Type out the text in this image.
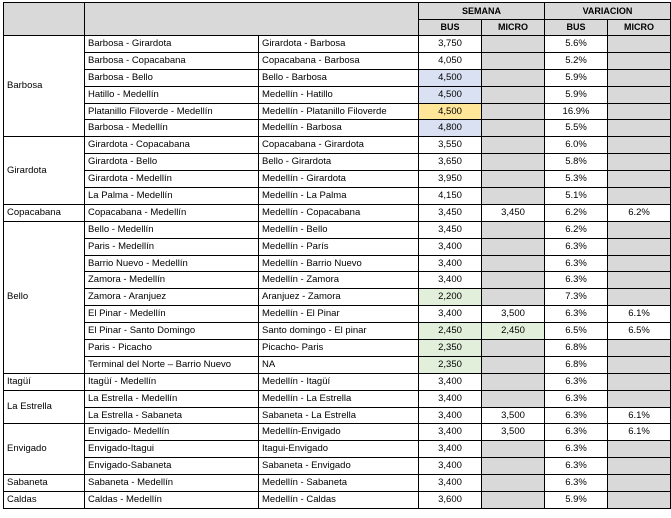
			SEMANA		VARIACION	
			BUS	MICRO	BUS	MICRO
Barbosa	Barbosa - Girardota	Girardota - Barbosa	3,750		5.6%	
	Barbosa - Copacabana	Copacabana - Barbosa	4,050		5.2%	
	Barbosa - Bello	Bello - Barbosa	4,500		5.9%	
	Hatillo - Medellín	Medellín - Hatillo	4,500		5.9%	
	Platanillo Filoverde - Medellín	Medellín - Platanillo Filoverde	4,500		16.9%	
	Barbosa - Medellín	Medellín - Barbosa	4,800		5.5%	
Girardota	Girardota - Copacabana	Copacabana - Girardota	3,550		6.0%	
	Girardota - Bello	Bello - Girardota	3,650		5.8%	
	Girardota - Medellín	Medellín - Girardota	3,950		5.3%	
	La Palma - Medellín	Medellín - La Palma	4,150		5.1%	
Copacabana	Copacabana - Medellín	Medellín - Copacabana	3,450	3,450	6.2%	6.2%
Bello	Bello - Medellín	Medellín - Bello	3,450		6.2%	
	Paris - Medellín	Medellín - París	3,400		6.3%	
	Barrio Nuevo - Medellín	Medellín - Barrio Nuevo	3,400		6.3%	
	Zamora - Medellín	Medellín - Zamora	3,400		6.3%	
	Zamora - Aranjuez	Aranjuez - Zamora	2,200		7.3%	
	El Pinar - Medellín	Medellín - El Pinar	3,400	3,500	6.3%	6.1%
	El Pinar - Santo Domingo	Santo domingo - El pinar	2,450	2,450	6.5%	6.5%
	Paris - Picacho	Picacho- Paris	2,350		6.8%	
	Terminal del Norte – Barrio Nuevo	NA	2,350		6.8%	
Itagüí	Itagüí - Medellín	Medellín - Itagüí	3,400		6.3%	
La Estrella	La Estrella - Medellín	Medellín - La Estrella	3,400		6.3%	
	La Estrella - Sabaneta	Sabaneta - La Estrella	3,400	3,500	6.3%	6.1%
Envigado	Envigado- Medellín	Medellín-Envigado	3,400	3,500	6.3%	6.1%
	Envigado-Itagui	Itagui-Envigado	3,400		6.3%	
	Envigado-Sabaneta	Sabaneta - Envigado	3,400		6.3%	
Sabaneta	Sabaneta - Medellín	Medellín - Sabaneta	3,400		6.3%	
Caldas	Caldas - Medellín	Medellín - Caldas	3,600		5.9%	
